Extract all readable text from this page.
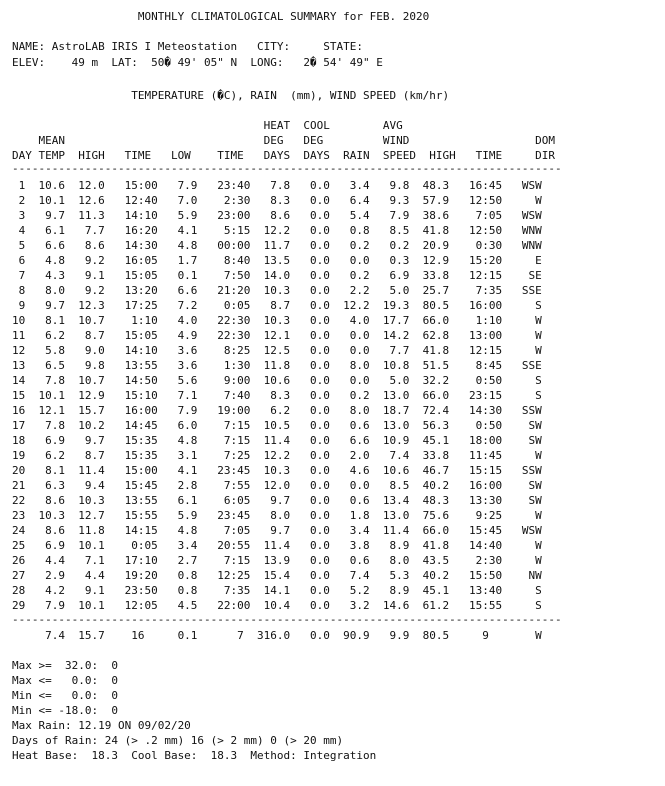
MONTHLY CLIMATOLOGICAL SUMMARY for FEB. 2020

NAME: AstroLAB IRIS I Meteostation   CITY:     STATE:

ELEV:    49 m  LAT:  50� 49' 05" N  LONG:   2� 54' 49" E

TEMPERATURE (�C), RAIN  (mm), WIND SPEED (km/hr)

HEAT  COOL        AVG

MEAN                              DEG   DEG         WIND                   DOM

DAY TEMP  HIGH   TIME   LOW    TIME   DAYS  DAYS  RAIN  SPEED  HIGH   TIME     DIR

-----------------------------------------------------------------------------------

1  10.6  12.0   15:00   7.9   23:40   7.8   0.0   3.4   9.8  48.3   16:45   WSW

2  10.1  12.6   12:40   7.0    2:30   8.3   0.0   6.4   9.3  57.9   12:50     W

3   9.7  11.3   14:10   5.9   23:00   8.6   0.0   5.4   7.9  38.6    7:05   WSW

4   6.1   7.7   16:20   4.1    5:15  12.2   0.0   0.8   8.5  41.8   12:50   WNW

5   6.6   8.6   14:30   4.8   00:00  11.7   0.0   0.2   0.2  20.9    0:30   WNW

6   4.8   9.2   16:05   1.7    8:40  13.5   0.0   0.0   0.3  12.9   15:20     E

7   4.3   9.1   15:05   0.1    7:50  14.0   0.0   0.2   6.9  33.8   12:15    SE

8   8.0   9.2   13:20   6.6   21:20  10.3   0.0   2.2   5.0  25.7    7:35   SSE

9   9.7  12.3   17:25   7.2    0:05   8.7   0.0  12.2  19.3  80.5   16:00     S

10   8.1  10.7    1:10   4.0   22:30  10.3   0.0   4.0  17.7  66.0    1:10     W

11   6.2   8.7   15:05   4.9   22:30  12.1   0.0   0.0  14.2  62.8   13:00     W

12   5.8   9.0   14:10   3.6    8:25  12.5   0.0   0.0   7.7  41.8   12:15     W

13   6.5   9.8   13:55   3.6    1:30  11.8   0.0   8.0  10.8  51.5    8:45   SSE

14   7.8  10.7   14:50   5.6    9:00  10.6   0.0   0.0   5.0  32.2    0:50     S

15  10.1  12.9   15:10   7.1    7:40   8.3   0.0   0.2  13.0  66.0   23:15     S

16  12.1  15.7   16:00   7.9   19:00   6.2   0.0   8.0  18.7  72.4   14:30   SSW

17   7.8  10.2   14:45   6.0    7:15  10.5   0.0   0.6  13.0  56.3    0:50    SW

18   6.9   9.7   15:35   4.8    7:15  11.4   0.0   6.6  10.9  45.1   18:00    SW

19   6.2   8.7   15:35   3.1    7:25  12.2   0.0   2.0   7.4  33.8   11:45     W

20   8.1  11.4   15:00   4.1   23:45  10.3   0.0   4.6  10.6  46.7   15:15   SSW

21   6.3   9.4   15:45   2.8    7:55  12.0   0.0   0.0   8.5  40.2   16:00    SW

22   8.6  10.3   13:55   6.1    6:05   9.7   0.0   0.6  13.4  48.3   13:30    SW

23  10.3  12.7   15:55   5.9   23:45   8.0   0.0   1.8  13.0  75.6    9:25     W

24   8.6  11.8   14:15   4.8    7:05   9.7   0.0   3.4  11.4  66.0   15:45   WSW

25   6.9  10.1    0:05   3.4   20:55  11.4   0.0   3.8   8.9  41.8   14:40     W

26   4.4   7.1   17:10   2.7    7:15  13.9   0.0   0.6   8.0  43.5    2:30     W

27   2.9   4.4   19:20   0.8   12:25  15.4   0.0   7.4   5.3  40.2   15:50    NW

28   4.2   9.1   23:50   0.8    7:35  14.1   0.0   5.2   8.9  45.1   13:40     S

29   7.9  10.1   12:05   4.5   22:00  10.4   0.0   3.2  14.6  61.2   15:55     S

-----------------------------------------------------------------------------------

7.4  15.7    16     0.1      7  316.0   0.0  90.9   9.9  80.5     9       W

Max >=  32.0:  0

Max <=   0.0:  0

Min <=   0.0:  0

Min <= -18.0:  0

Max Rain: 12.19 ON 09/02/20

Days of Rain: 24 (> .2 mm) 16 (> 2 mm) 0 (> 20 mm)

Heat Base:  18.3  Cool Base:  18.3  Method: Integration
